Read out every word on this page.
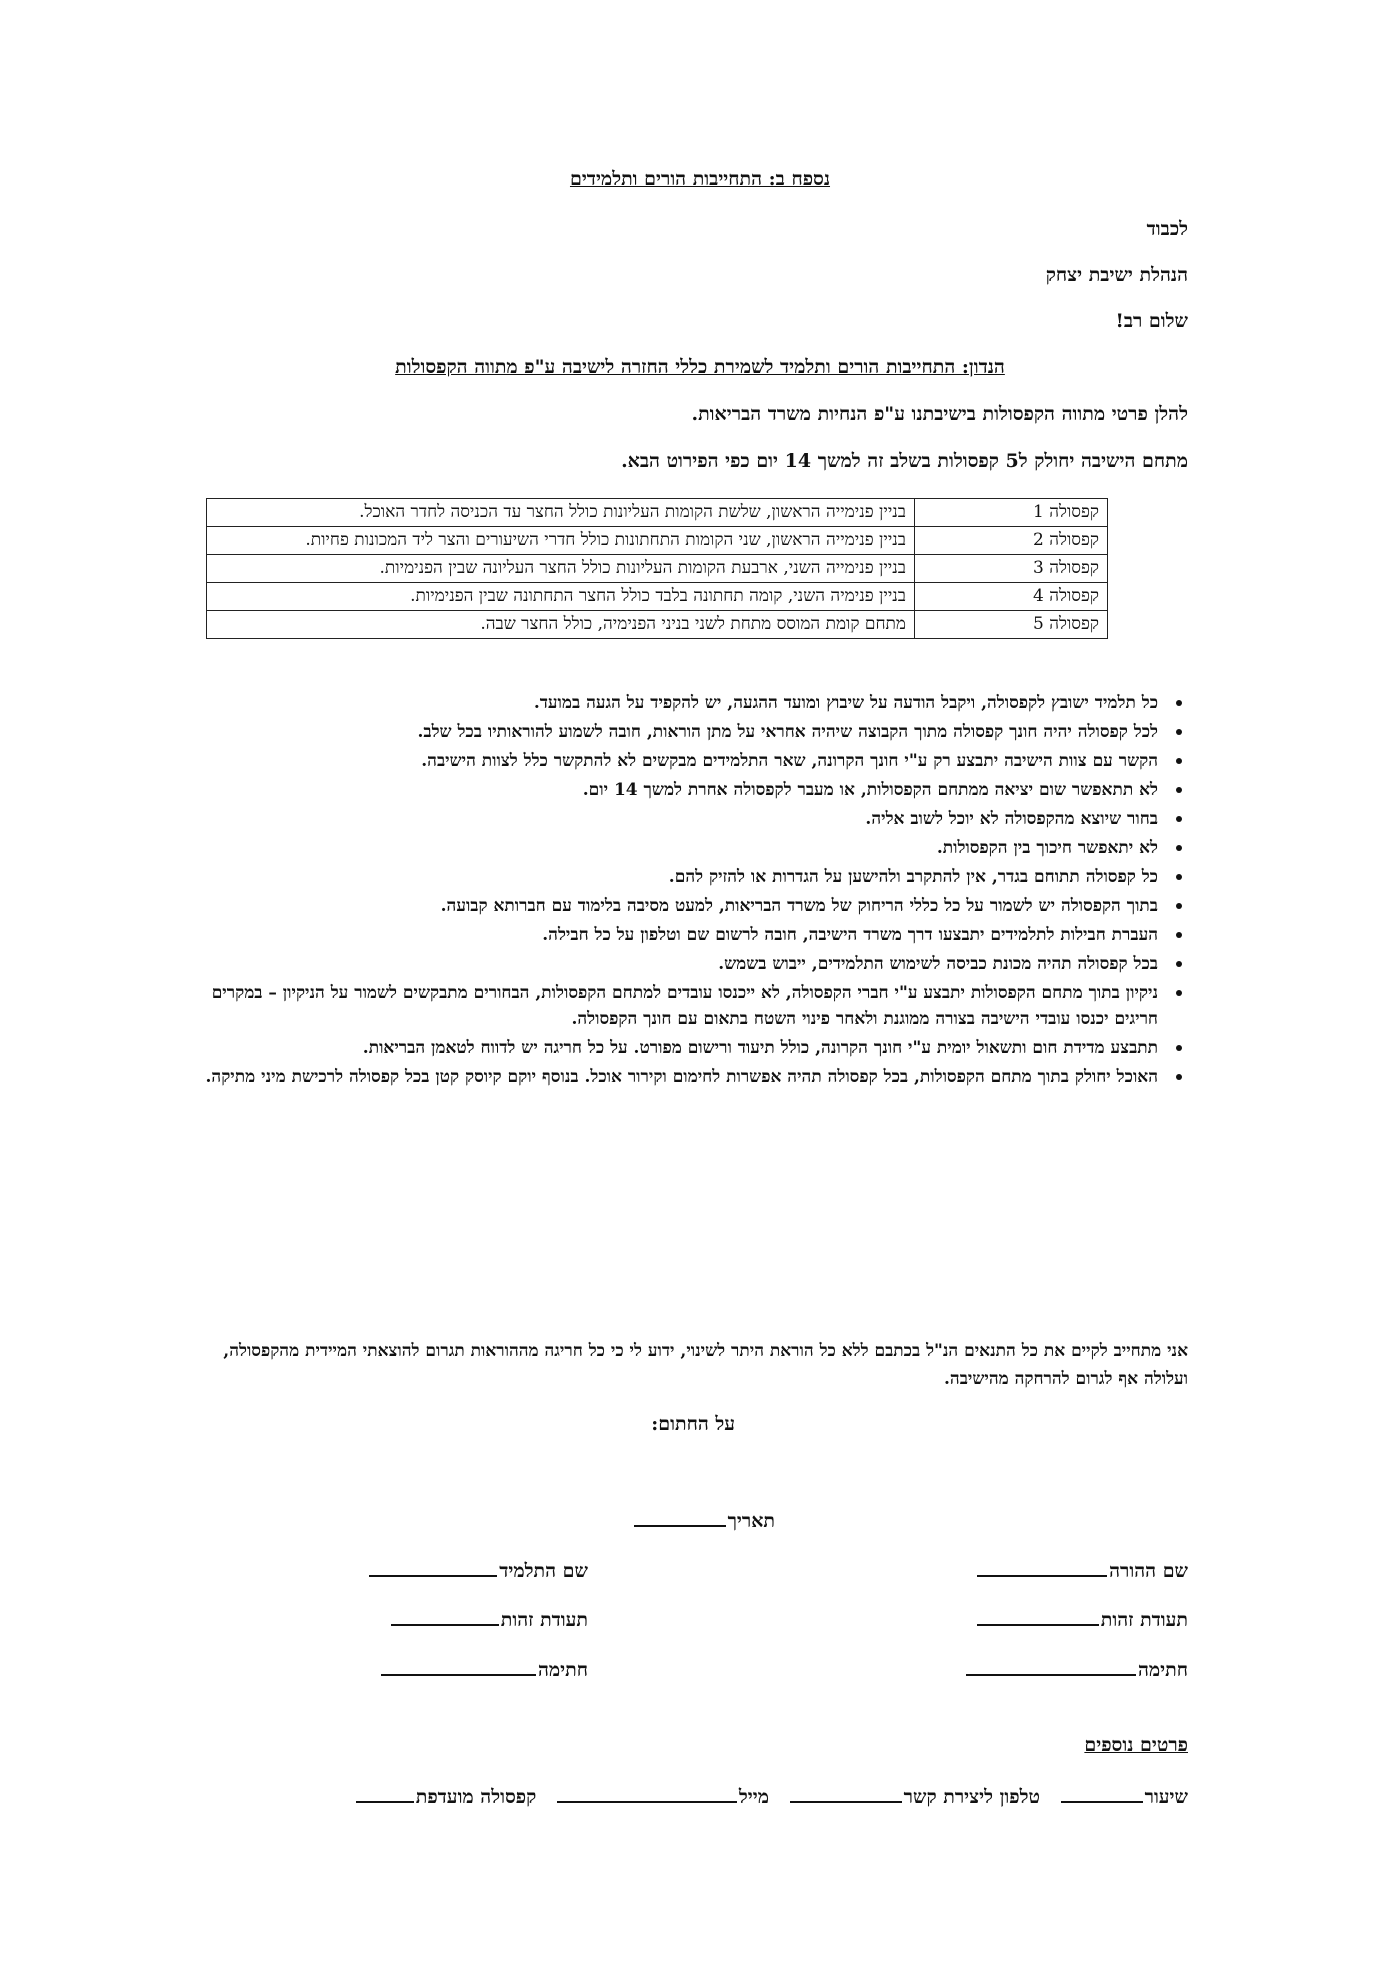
נספח ב: התחייבות הורים ותלמידים
לכבוד
הנהלת ישיבת יצחק
שלום רב!
הנדון: התחייבות הורים ותלמיד לשמירת כללי החזרה לישיבה ע"פ מתווה הקפסולות
להלן פרטי מתווה הקפסולות בישיבתנו ע"פ הנחיות משרד הבריאות.
מתחם הישיבה יחולק ל5 קפסולות בשלב זה למשך 14 יום כפי הפירוט הבא.
קפסולה 1	בניין פנימייה הראשון, שלשת הקומות העליונות כולל החצר עד הכניסה לחדר האוכל.
קפסולה 2	בניין פנימייה הראשון, שני הקומות התחתונות כולל חדרי השיעורים והצר ליד המכונות פחיות.
קפסולה 3	בניין פנימייה השני, ארבעת הקומות העליונות כולל החצר העליונה שבין הפנימיות.
קפסולה 4	בניין פנימיה השני, קומה תחתונה בלבד כולל החצר התחתונה שבין הפנימיות.
קפסולה 5	מתחם קומת המוסס מתחת לשני בניני הפנימיה, כולל החצר שבה.
כל תלמיד ישובץ לקפסולה, ויקבל הודעה על שיבוץ ומועד ההגעה, יש להקפיד על הגעה במועד.
לכל קפסולה יהיה חונך קפסולה מתוך הקבוצה שיהיה אחראי על מתן הוראות, חובה לשמוע להוראותיו בכל שלב.
הקשר עם צוות הישיבה יתבצע רק ע"י חונך הקרונה, שאר התלמידים מבקשים לא להתקשר כלל לצוות הישיבה.
לא תתאפשר שום יציאה ממתחם הקפסולות, או מעבר לקפסולה אחרת למשך 14 יום.
בחור שיוצא מהקפסולה לא יוכל לשוב אליה.
לא יתאפשר חיכוך בין הקפסולות.
כל קפסולה תתוחם בגדר, אין להתקרב ולהישען על הגדרות או להזיק להם.
בתוך הקפסולה יש לשמור על כל כללי הריחוק של משרד הבריאות, למעט מסיבה בלימוד עם חברותא קבועה.
העברת חבילות לתלמידים יתבצעו דרך משרד הישיבה, חובה לרשום שם וטלפון על כל חבילה.
בכל קפסולה תהיה מכונת כביסה לשימוש התלמידים, ייבוש בשמש.
ניקיון בתוך מתחם הקפסולות יתבצע ע"י חברי הקפסולה, לא ייכנסו עובדים למתחם הקפסולות, הבחורים מתבקשים לשמור על הניקיון – במקרים חריגים יכנסו עובדי הישיבה בצורה ממוגנת ולאחר פינוי השטח בתאום עם חונך הקפסולה.
תתבצע מדידת חום ותשאול יומית ע"י חונך הקרונה, כולל תיעוד ורישום מפורט. על כל חריגה יש לדווח לטאמן הבריאות.
האוכל יחולק בתוך מתחם הקפסולות, בכל קפסולה תהיה אפשרות לחימום וקירור אוכל. בנוסף יוקם קיוסק קטן בכל קפסולה לרכישת מיני מתיקה.
אני מתחייב לקיים את כל התנאים הנ"ל בכתבם ללא כל הוראת היתר לשינוי, ידוע לי כי כל חריגה מההוראות תגרום להוצאתי המיידית מהקפסולה, ועלולה אף לגרום להרחקה מהישיבה.
על החתום:
תאריך
שם ההורה
תעודת זהות
חתימה
שם התלמיד
תעודת זהות
חתימה
פרטים נוספים
שיעור טלפון ליצירת קשר מייל קפסולה מועדפת
